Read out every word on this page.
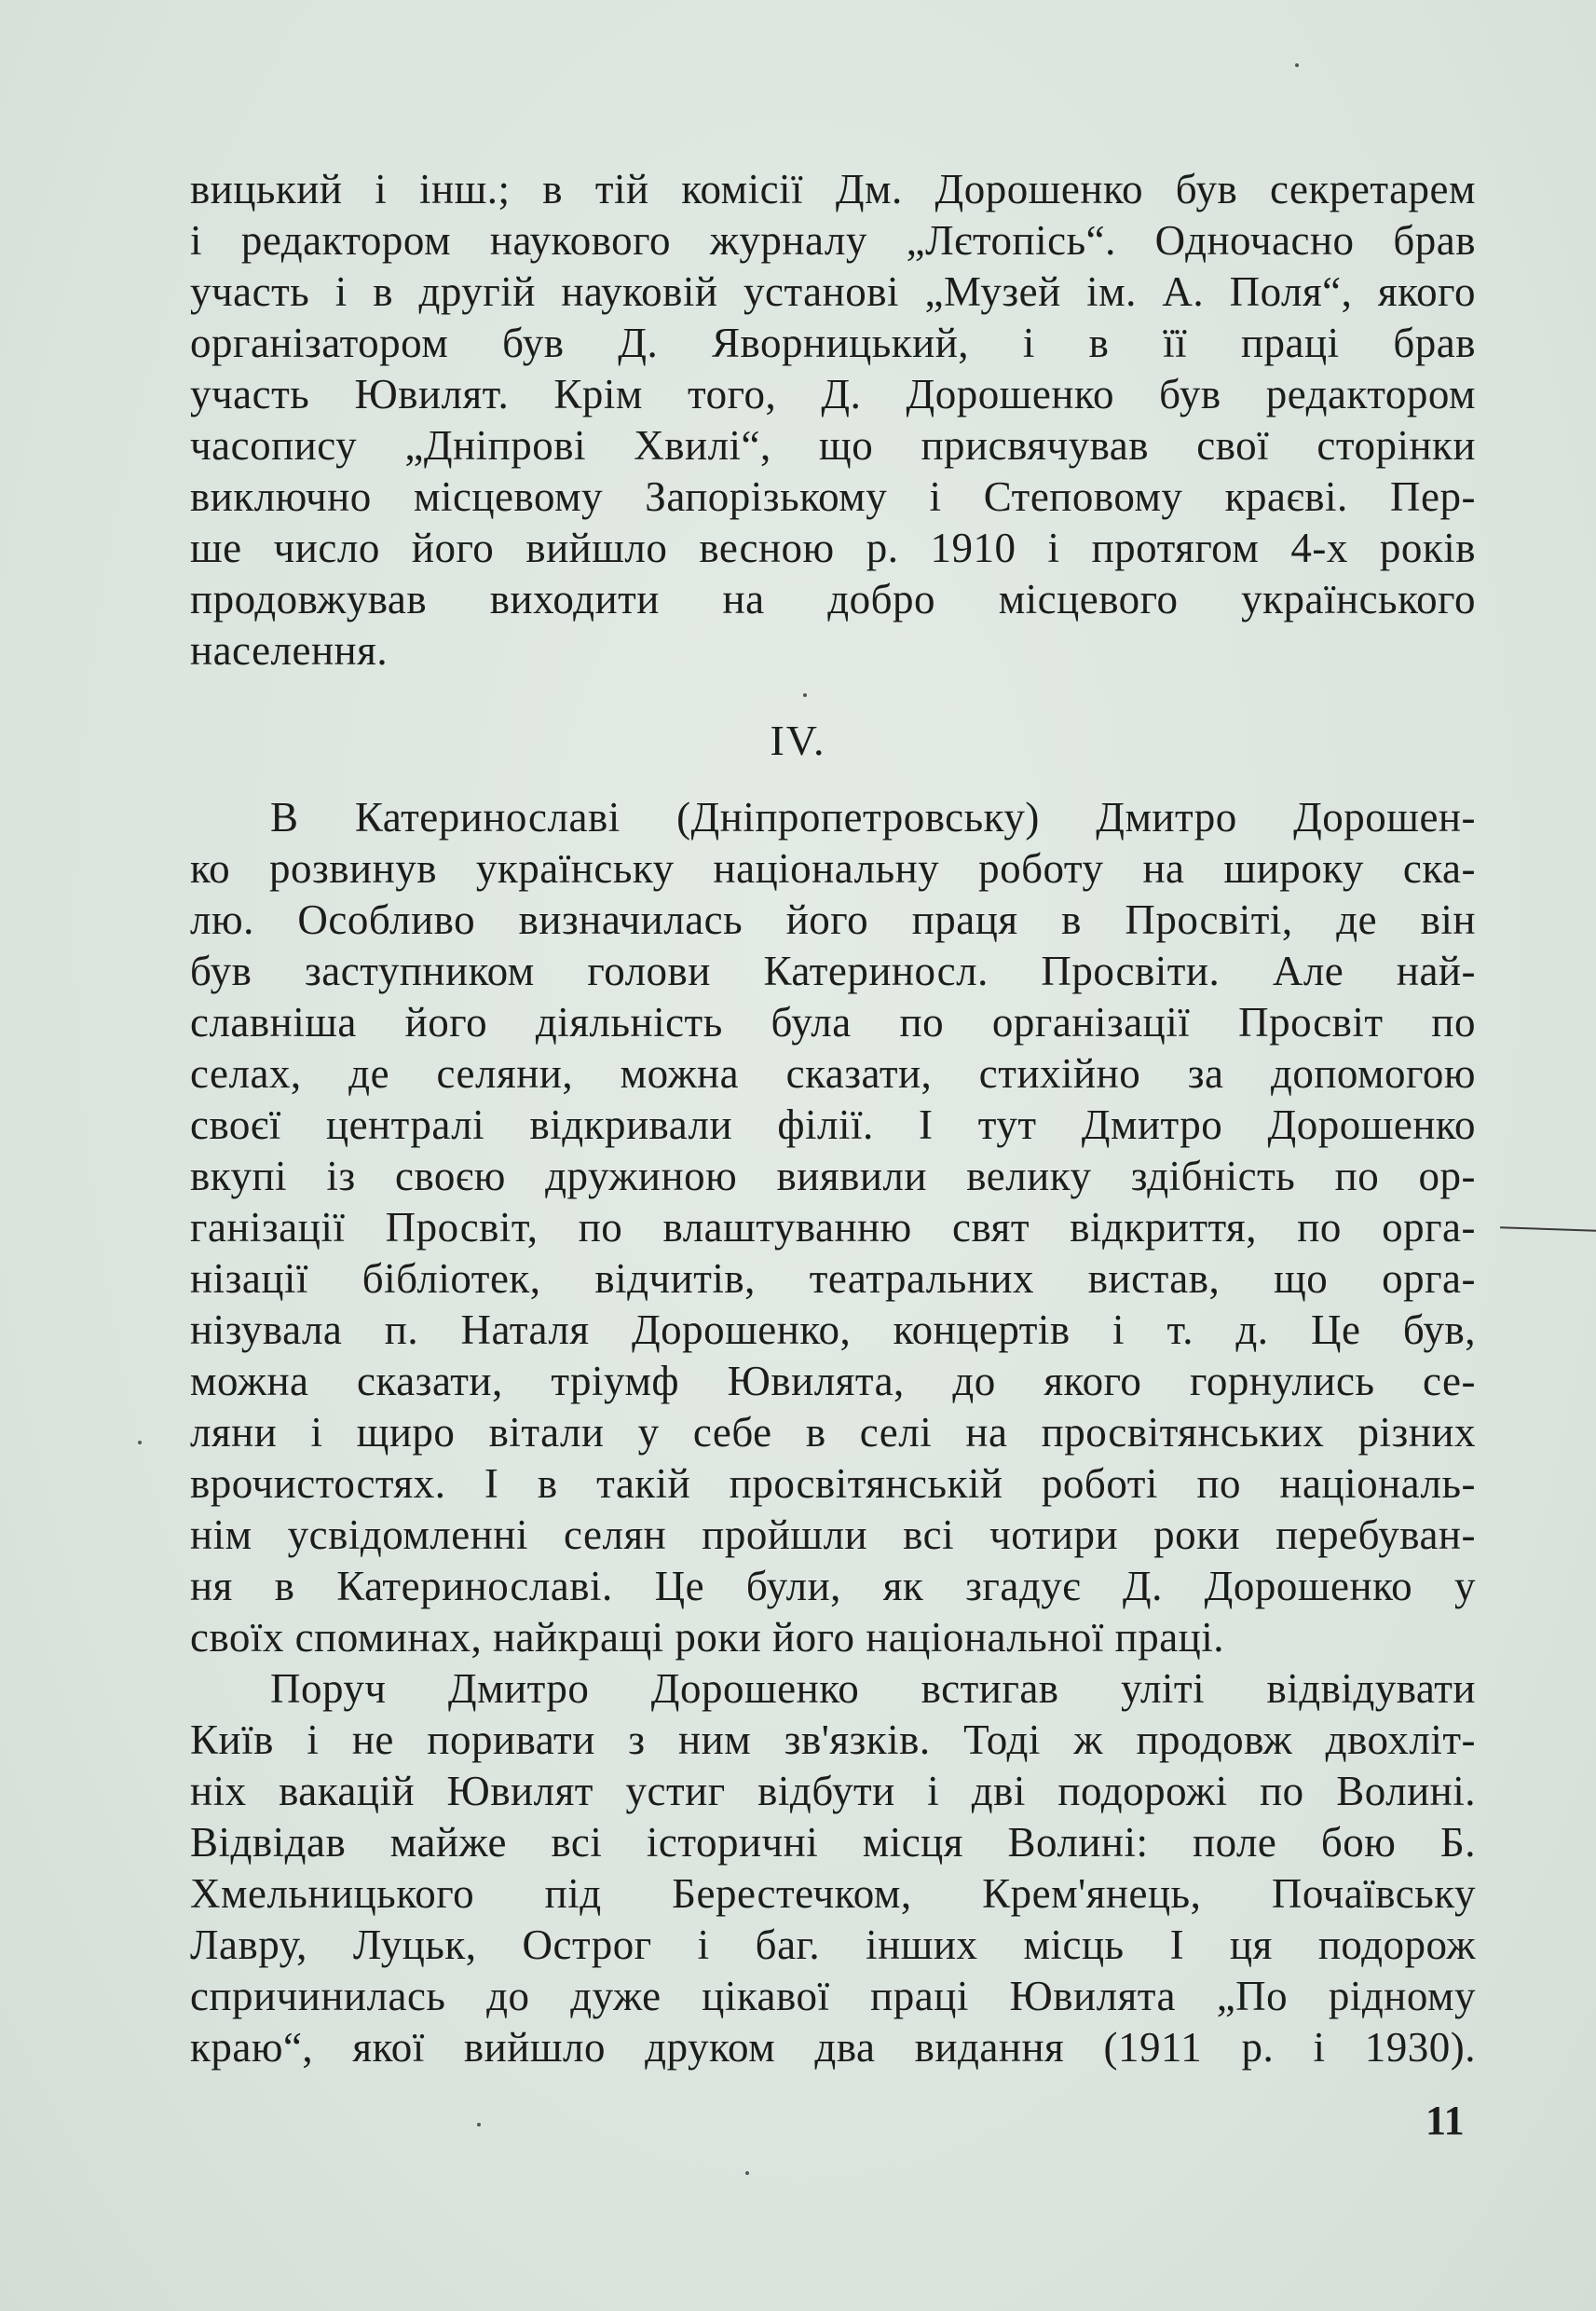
вицький і інш.; в тій комісії Дм. Дорошенко був секретарем

і редактором наукового журналу „Лєтопісь“. Одночасно брав

участь і в другій науковій установі „Музей ім. А. Поля“, якого

організатором був Д. Яворницький, і в її праці брав

участь Ювилят. Крім того, Д. Дорошенко був редактором

часопису „Дніпрові Хвилі“, що присвячував свої сторінки

виключно місцевому Запорізькому і Степовому краєві. Пер-

ше число його вийшло весною р. 1910 і протягом 4-х років

продовжував виходити на добро місцевого українського

населення.

IV.

В Катеринославі (Дніпропетровську) Дмитро Дорошен-

ко розвинув українську національну роботу на широку ска-

лю. Особливо визначилась його праця в Просвіті, де він

був заступником голови Катериносл. Просвіти. Але най-

славніша його діяльність була по організації Просвіт по

селах, де селяни, можна сказати, стихійно за допомогою

своєї централі відкривали філії. І тут Дмитро Дорошенко

вкупі із своєю дружиною виявили велику здібність по ор-

ганізації Просвіт, по влаштуванню свят відкриття, по орга-

нізації бібліотек, відчитів, театральних вистав, що орга-

нізувала п. Наталя Дорошенко, концертів і т. д. Це був,

можна сказати, тріумф Ювилята, до якого горнулись се-

ляни і щиро вітали у себе в селі на просвітянських різних

врочистостях. І в такій просвітянській роботі по національ-

нім усвідомленні селян пройшли всі чотири роки перебуван-

ня в Катеринославі. Це були, як згадує Д. Дорошенко у

своїх споминах, найкращі роки його національної праці.

Поруч Дмитро Дорошенко встигав уліті відвідувати

Київ і не поривати з ним зв'язків. Тоді ж продовж двохліт-

ніх вакацій Ювилят устиг відбути і дві подорожі по Волині.

Відвідав майже всі історичні місця Волині: поле бою Б.

Хмельницького під Берестечком, Крем'янець, Почаївську

Лавру, Луцьк, Острог і баг. інших місць І ця подорож

спричинилась до дуже цікавої праці Ювилята „По рідному

краю“, якої вийшло друком два видання (1911 р. і 1930).

11
